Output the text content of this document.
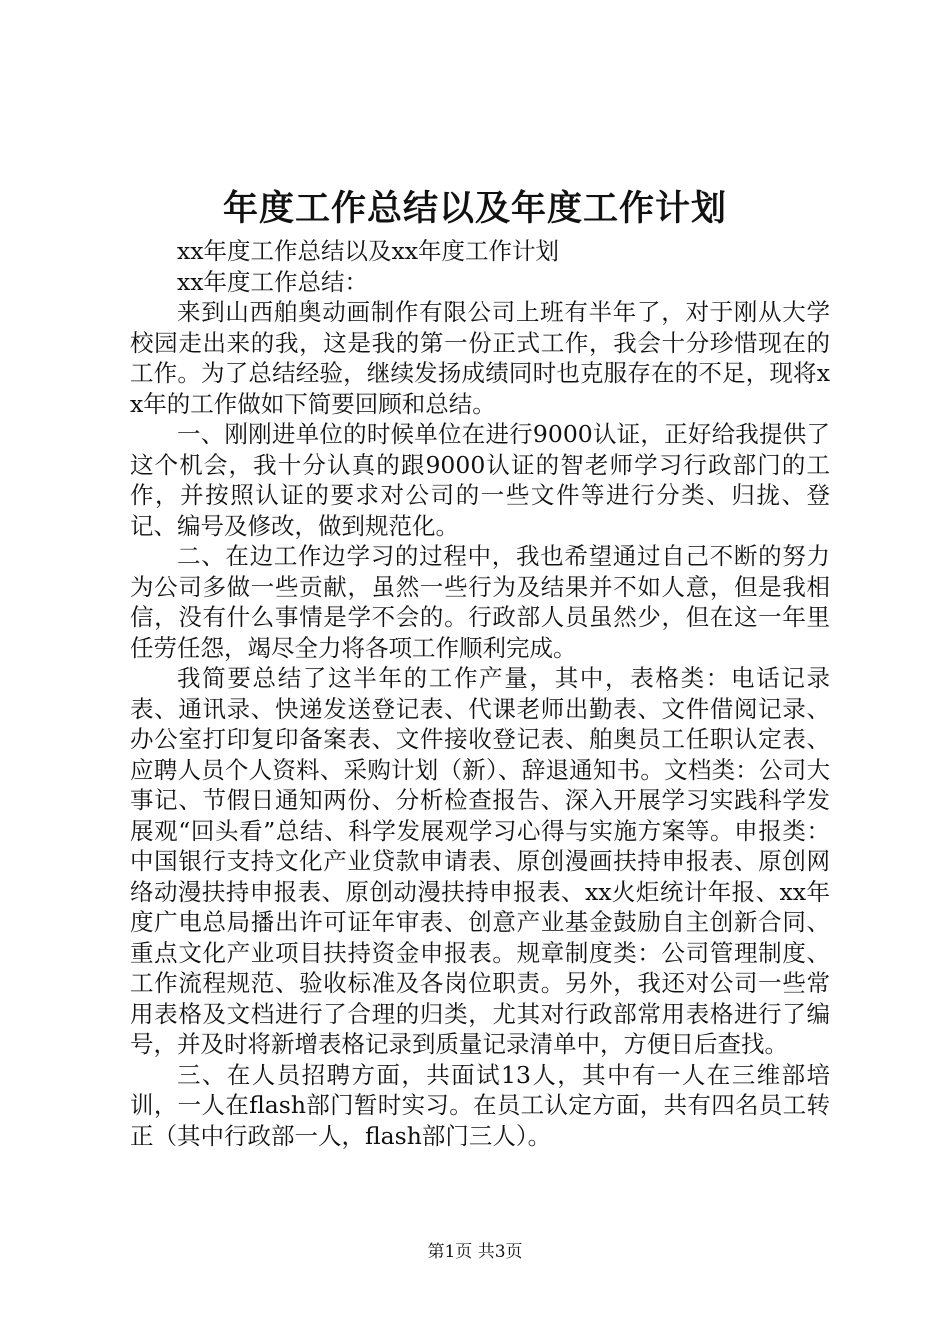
年度工作总结以及年度工作计划

xx年度工作总结以及xx年度工作计划

xx年度工作总结：

来到山西舶奥动画制作有限公司上班有半年了，对于刚从大学校园走出来的我，这是我的第一份正式工作，我会十分珍惜现在的工作。为了总结经验，继续发扬成绩同时也克服存在的不足，现将xx年的工作做如下简要回顾和总结。

一、刚刚进单位的时候单位在进行9000认证，正好给我提供了这个机会，我十分认真的跟9000认证的智老师学习行政部门的工作，并按照认证的要求对公司的一些文件等进行分类、归拢、登记、编号及修改，做到规范化。

二、在边工作边学习的过程中，我也希望通过自己不断的努力为公司多做一些贡献，虽然一些行为及结果并不如人意，但是我相信，没有什么事情是学不会的。行政部人员虽然少，但在这一年里任劳任怨，竭尽全力将各项工作顺利完成。

我简要总结了这半年的工作产量，其中，表格类：电话记录表、通讯录、快递发送登记表、代课老师出勤表、文件借阅记录、办公室打印复印备案表、文件接收登记表、舶奥员工任职认定表、应聘人员个人资料、采购计划（新）、辞退通知书。文档类：公司大事记、节假日通知两份、分析检查报告、深入开展学习实践科学发展观“回头看”总结、科学发展观学习心得与实施方案等。申报类：中国银行支持文化产业贷款申请表、原创漫画扶持申报表、原创网络动漫扶持申报表、原创动漫扶持申报表、xx火炬统计年报、xx年度广电总局播出许可证年审表、创意产业基金鼓励自主创新合同、重点文化产业项目扶持资金申报表。规章制度类：公司管理制度、工作流程规范、验收标准及各岗位职责。另外，我还对公司一些常用表格及文档进行了合理的归类，尤其对行政部常用表格进行了编号，并及时将新增表格记录到质量记录清单中，方便日后查找。

三、在人员招聘方面，共面试13人，其中有一人在三维部培训，一人在flash部门暂时实习。在员工认定方面，共有四名员工转正（其中行政部一人，flash部门三人）。

第1页 共3页
